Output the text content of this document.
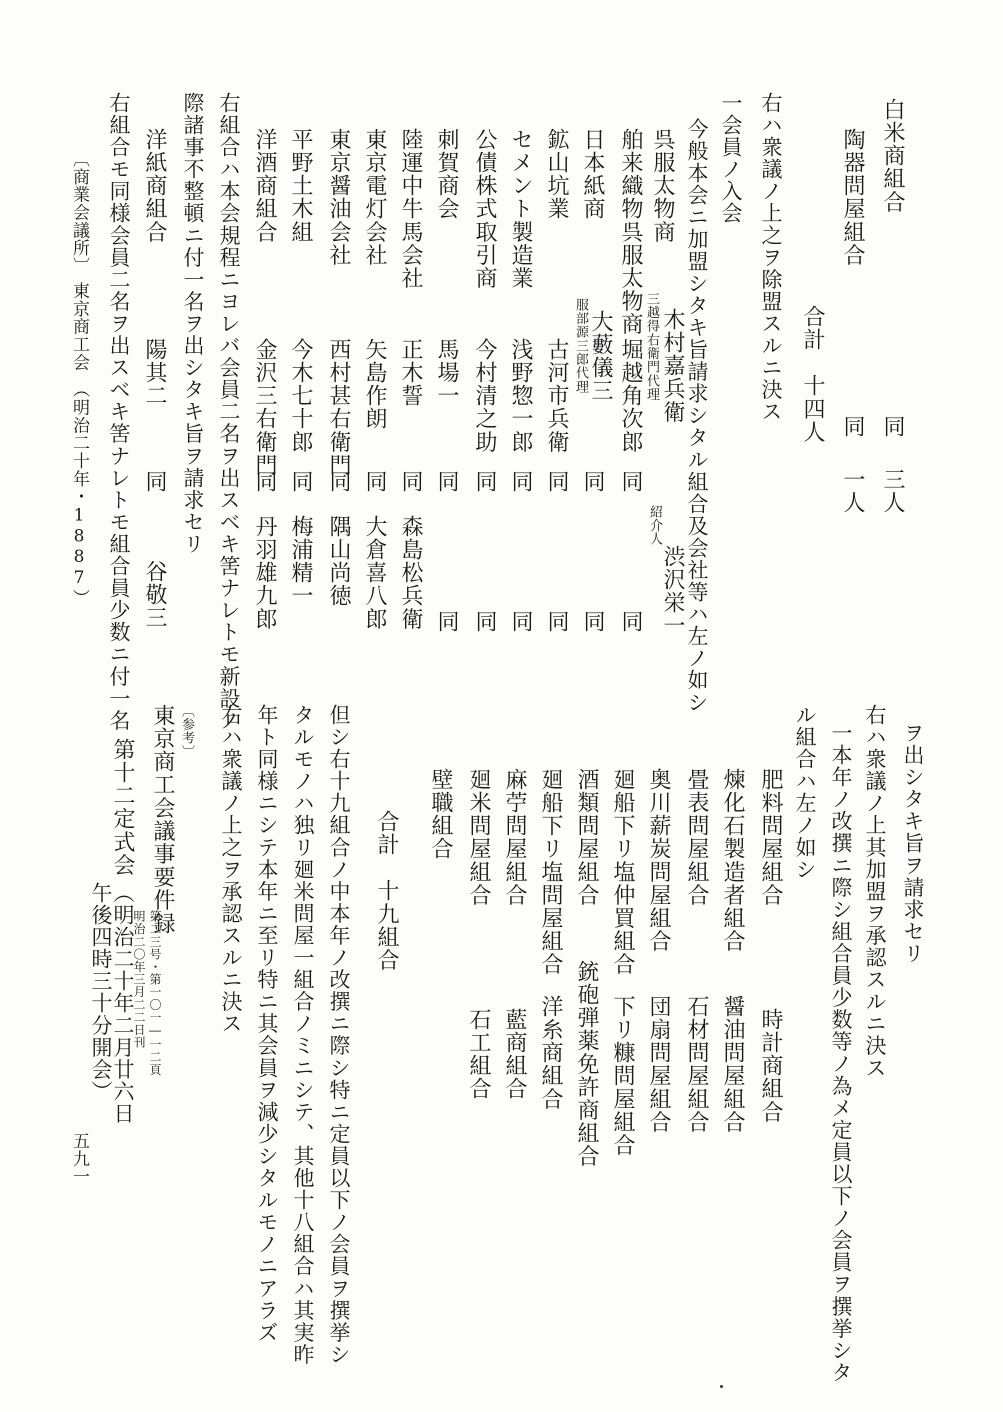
白米商組合
同
三人
陶器問屋組合
同
一人
合計　十四人
右ハ衆議ノ上之ヲ除盟スルニ決ス
一会員ノ入会
今般本会ニ加盟シタキ旨請求シタル組合及会社等ハ左ノ如シ
呉服太物商
三越得右衛門代理 木村嘉兵衛
紹介人
渋沢栄一
舶来織物呉服太物商
堀越角次郎
同
同
日本紙商
服部源三郎代理 大藪儀三
同
同
鉱山坑業
古河市兵衛
同
同
セメント製造業
浅野惣一郎
同
同
公債株式取引商
今村清之助
同
同
刺賀商会
馬場一
同
同
陸運中牛馬会社
正木誓
同
森島松兵衛
東京電灯会社
矢島作朗
同
大倉喜八郎
東京醤油会社
西村甚右衛門
同
隅山尚徳
平野土木組
今木七十郎
同
梅浦精一
洋酒商組合
金沢三右衛門
同
丹羽雄九郎
右組合ハ本会規程ニヨレバ会員二名ヲ出スベキ筈ナレトモ新設ノ
際諸事不整頓ニ付一名ヲ出シタキ旨ヲ請求セリ
洋紙商組合
陽其二
同
谷敬三
右組合モ同様会員二名ヲ出スベキ筈ナレトモ組合員少数ニ付一名
東京商工会　（明治二十年・1887）
〔商業会議所〕
ヲ出シタキ旨ヲ請求セリ
右ハ衆議ノ上其加盟ヲ承認スルニ決ス
一本年ノ改撰ニ際シ組合員少数等ノ為メ定員以下ノ会員ヲ撰挙シタ
ル組合ハ左ノ如シ
肥料問屋組合
時計商組合
煉化石製造者組合
醤油問屋組合
畳表問屋組合
石材問屋組合
奥川薪炭問屋組合
団扇問屋組合
廻船下リ塩仲買組合
下リ糠問屋組合
酒類問屋組合
銃砲弾薬免許商組合
廻船下リ塩問屋組合
洋糸商組合
麻苧問屋組合
藍商組合
廻米問屋組合
石工組合
壁職組合
合計　十九組合
但シ右十九組合ノ中本年ノ改撰ニ際シ特ニ定員以下ノ会員ヲ撰挙シ
タルモノハ独リ廻米問屋一組合ノミニシテ、其他十八組合ハ其実昨
年ト同様ニシテ本年ニ至リ特ニ其会員ヲ減少シタルモノニアラズ
右ハ衆議ノ上之ヲ承認スルニ決ス
〔参考〕
東京商工会議事要件録
第二三号・第一〇一―一二頁
明治二〇年三月二二日刊
第十二定式会
（明治二十年二月廿六日
午後四時三十分開会）
五九一
